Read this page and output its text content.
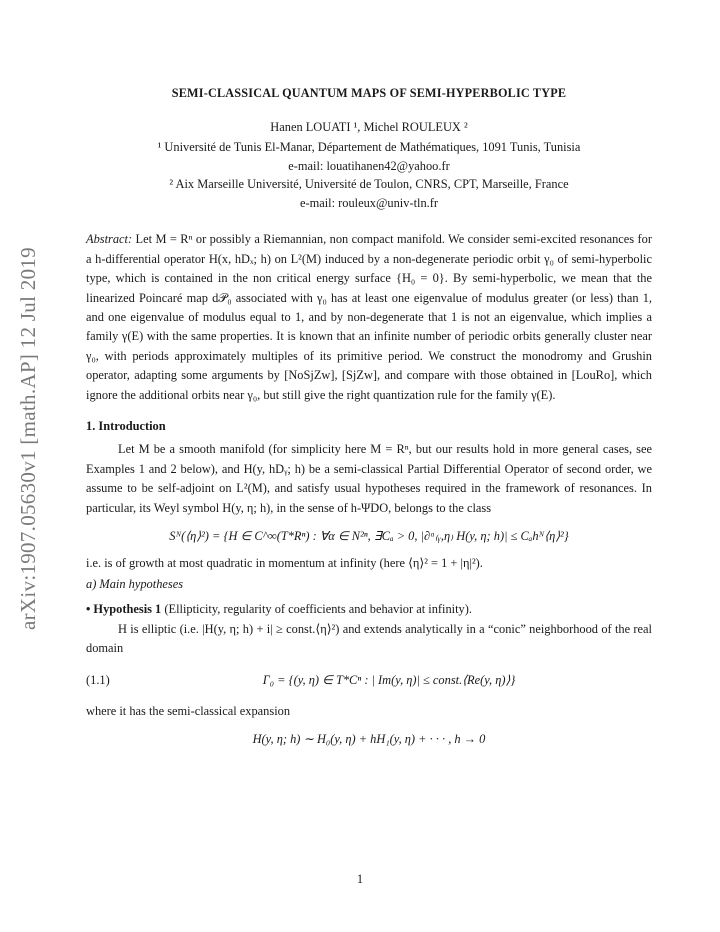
arXiv:1907.05630v1 [math.AP] 12 Jul 2019
SEMI-CLASSICAL QUANTUM MAPS OF SEMI-HYPERBOLIC TYPE

Hanen LOUATI ¹, Michel ROULEUX ²

¹ Université de Tunis El-Manar, Département de Mathématiques, 1091 Tunis, Tunisia

e-mail: louatihanen42@yahoo.fr

² Aix Marseille Université, Université de Toulon, CNRS, CPT, Marseille, France

e-mail: rouleux@univ-tln.fr

Abstract: Let M = Rⁿ or possibly a Riemannian, non compact manifold. We consider semi-excited resonances for a h-differential operator H(x, hDₓ; h) on L²(M) induced by a non-degenerate periodic orbit γ₀ of semi-hyperbolic type, which is contained in the non critical energy surface {H₀ = 0}. By semi-hyperbolic, we mean that the linearized Poincaré map d𝒫₀ associated with γ₀ has at least one eigenvalue of modulus greater (or less) than 1, and one eigenvalue of modulus equal to 1, and by non-degenerate that 1 is not an eigenvalue, which implies a family γ(E) with the same properties. It is known that an infinite number of periodic orbits generally cluster near γ₀, with periods approximately multiples of its primitive period. We construct the monodromy and Grushin operator, adapting some arguments by [NoSjZw], [SjZw], and compare with those obtained in [LouRo], which ignore the additional orbits near γ₀, but still give the right quantization rule for the family γ(E).

1. Introduction

Let M be a smooth manifold (for simplicity here M = Rⁿ, but our results hold in more general cases, see Examples 1 and 2 below), and H(y, hDᵧ; h) be a semi-classical Partial Differential Operator of second order, we assume to be self-adjoint on L²(M), and satisfy usual hypotheses required in the framework of resonances. In particular, its Weyl symbol H(y, η; h), in the sense of h-ΨDO, belongs to the class

Sᴺ(⟨η⟩²) = {H ∈ C^∞(T*Rⁿ) : ∀α ∈ N²ⁿ, ∃Cₐ > 0, |∂ᵅ₍ᵧ,η₎ H(y, η; h)| ≤ Cₐhᴺ⟨η⟩²}

i.e. is of growth at most quadratic in momentum at infinity (here ⟨η⟩² = 1 + |η|²).

a) Main hypotheses

• Hypothesis 1 (Ellipticity, regularity of coefficients and behavior at infinity).

H is elliptic (i.e. |H(y, η; h) + i| ≥ const.⟨η⟩²) and extends analytically in a “conic” neighborhood of the real domain

(1.1)	Γ₀ = {(y, η) ∈ T*Cⁿ : | Im(y, η)| ≤ const.⟨Re(y, η)⟩}

where it has the semi-classical expansion

H(y, η; h) ∼ H₀(y, η) + hH₁(y, η) + · · · , h → 0

1
